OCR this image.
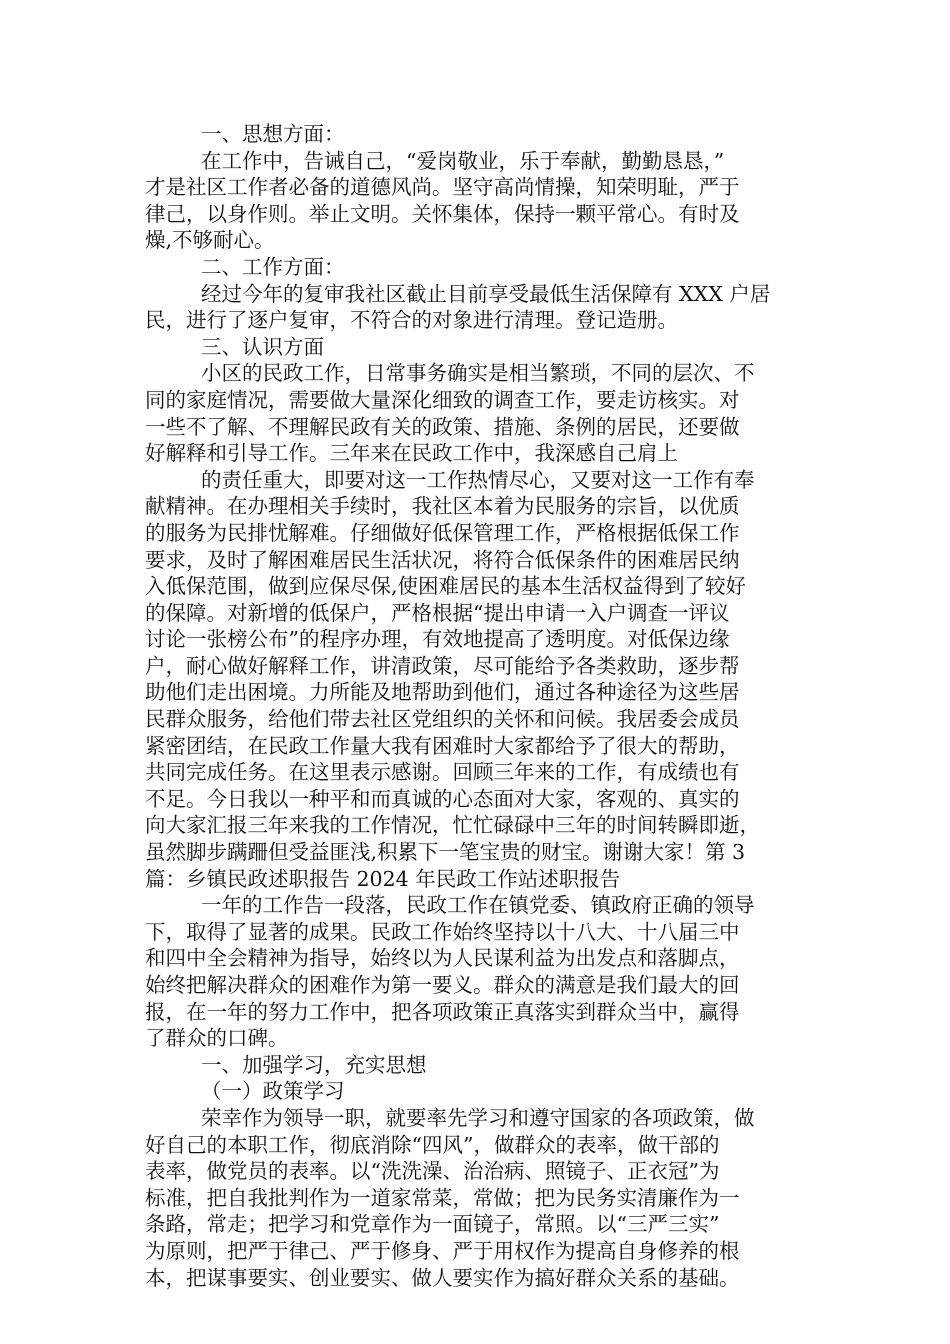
一、思想方面：
在工作中，告诫自己，“爱岗敬业，乐于奉献，勤勤恳恳，”
才是社区工作者必备的道德风尚。坚守高尚情操，知荣明耻，严于
律己，以身作则。举止文明。关怀集体，保持一颗平常心。有时及
燥,不够耐心。
二、工作方面：
经过今年的复审我社区截止目前享受最低生活保障有 XXX 户居
民，进行了逐户复审，不符合的对象进行清理。登记造册。
三、认识方面
小区的民政工作，日常事务确实是相当繁琐，不同的层次、不
同的家庭情况，需要做大量深化细致的调查工作，要走访核实。对
一些不了解、不理解民政有关的政策、措施、条例的居民，还要做
好解释和引导工作。三年来在民政工作中，我深感自己肩上
的责任重大，即要对这一工作热情尽心，又要对这一工作有奉
献精神。在办理相关手续时，我社区本着为民服务的宗旨，以优质
的服务为民排忧解难。仔细做好低保管理工作，严格根据低保工作
要求，及时了解困难居民生活状况，将符合低保条件的困难居民纳
入低保范围，做到应保尽保,使困难居民的基本生活权益得到了较好
的保障。对新增的低保户，严格根据“提出申请一入户调查一评议
讨论一张榜公布”的程序办理，有效地提高了透明度。对低保边缘
户，耐心做好解释工作，讲清政策，尽可能给予各类救助，逐步帮
助他们走出困境。力所能及地帮助到他们，通过各种途径为这些居
民群众服务，给他们带去社区党组织的关怀和问候。我居委会成员
紧密团结，在民政工作量大我有困难时大家都给予了很大的帮助，
共同完成任务。在这里表示感谢。回顾三年来的工作，有成绩也有
不足。今日我以一种平和而真诚的心态面对大家，客观的、真实的
向大家汇报三年来我的工作情况，忙忙碌碌中三年的时间转瞬即逝，
虽然脚步蹒跚但受益匪浅,积累下一笔宝贵的财宝。谢谢大家！第 3
篇：乡镇民政述职报告 2024 年民政工作站述职报告
一年的工作告一段落，民政工作在镇党委、镇政府正确的领导
下，取得了显著的成果。民政工作始终坚持以十八大、十八届三中
和四中全会精神为指导，始终以为人民谋利益为出发点和落脚点，
始终把解决群众的困难作为第一要义。群众的满意是我们最大的回
报，在一年的努力工作中，把各项政策正真落实到群众当中，赢得
了群众的口碑。
一、加强学习，充实思想
（一）政策学习
荣幸作为领导一职，就要率先学习和遵守国家的各项政策，做
好自己的本职工作，彻底消除“四风”，做群众的表率，做干部的
表率，做党员的表率。以“洗洗澡、治治病、照镜子、正衣冠”为
标准，把自我批判作为一道家常菜，常做；把为民务实清廉作为一
条路，常走；把学习和党章作为一面镜子，常照。以“三严三实”
为原则，把严于律己、严于修身、严于用权作为提高自身修养的根
本，把谋事要实、创业要实、做人要实作为搞好群众关系的基础。
